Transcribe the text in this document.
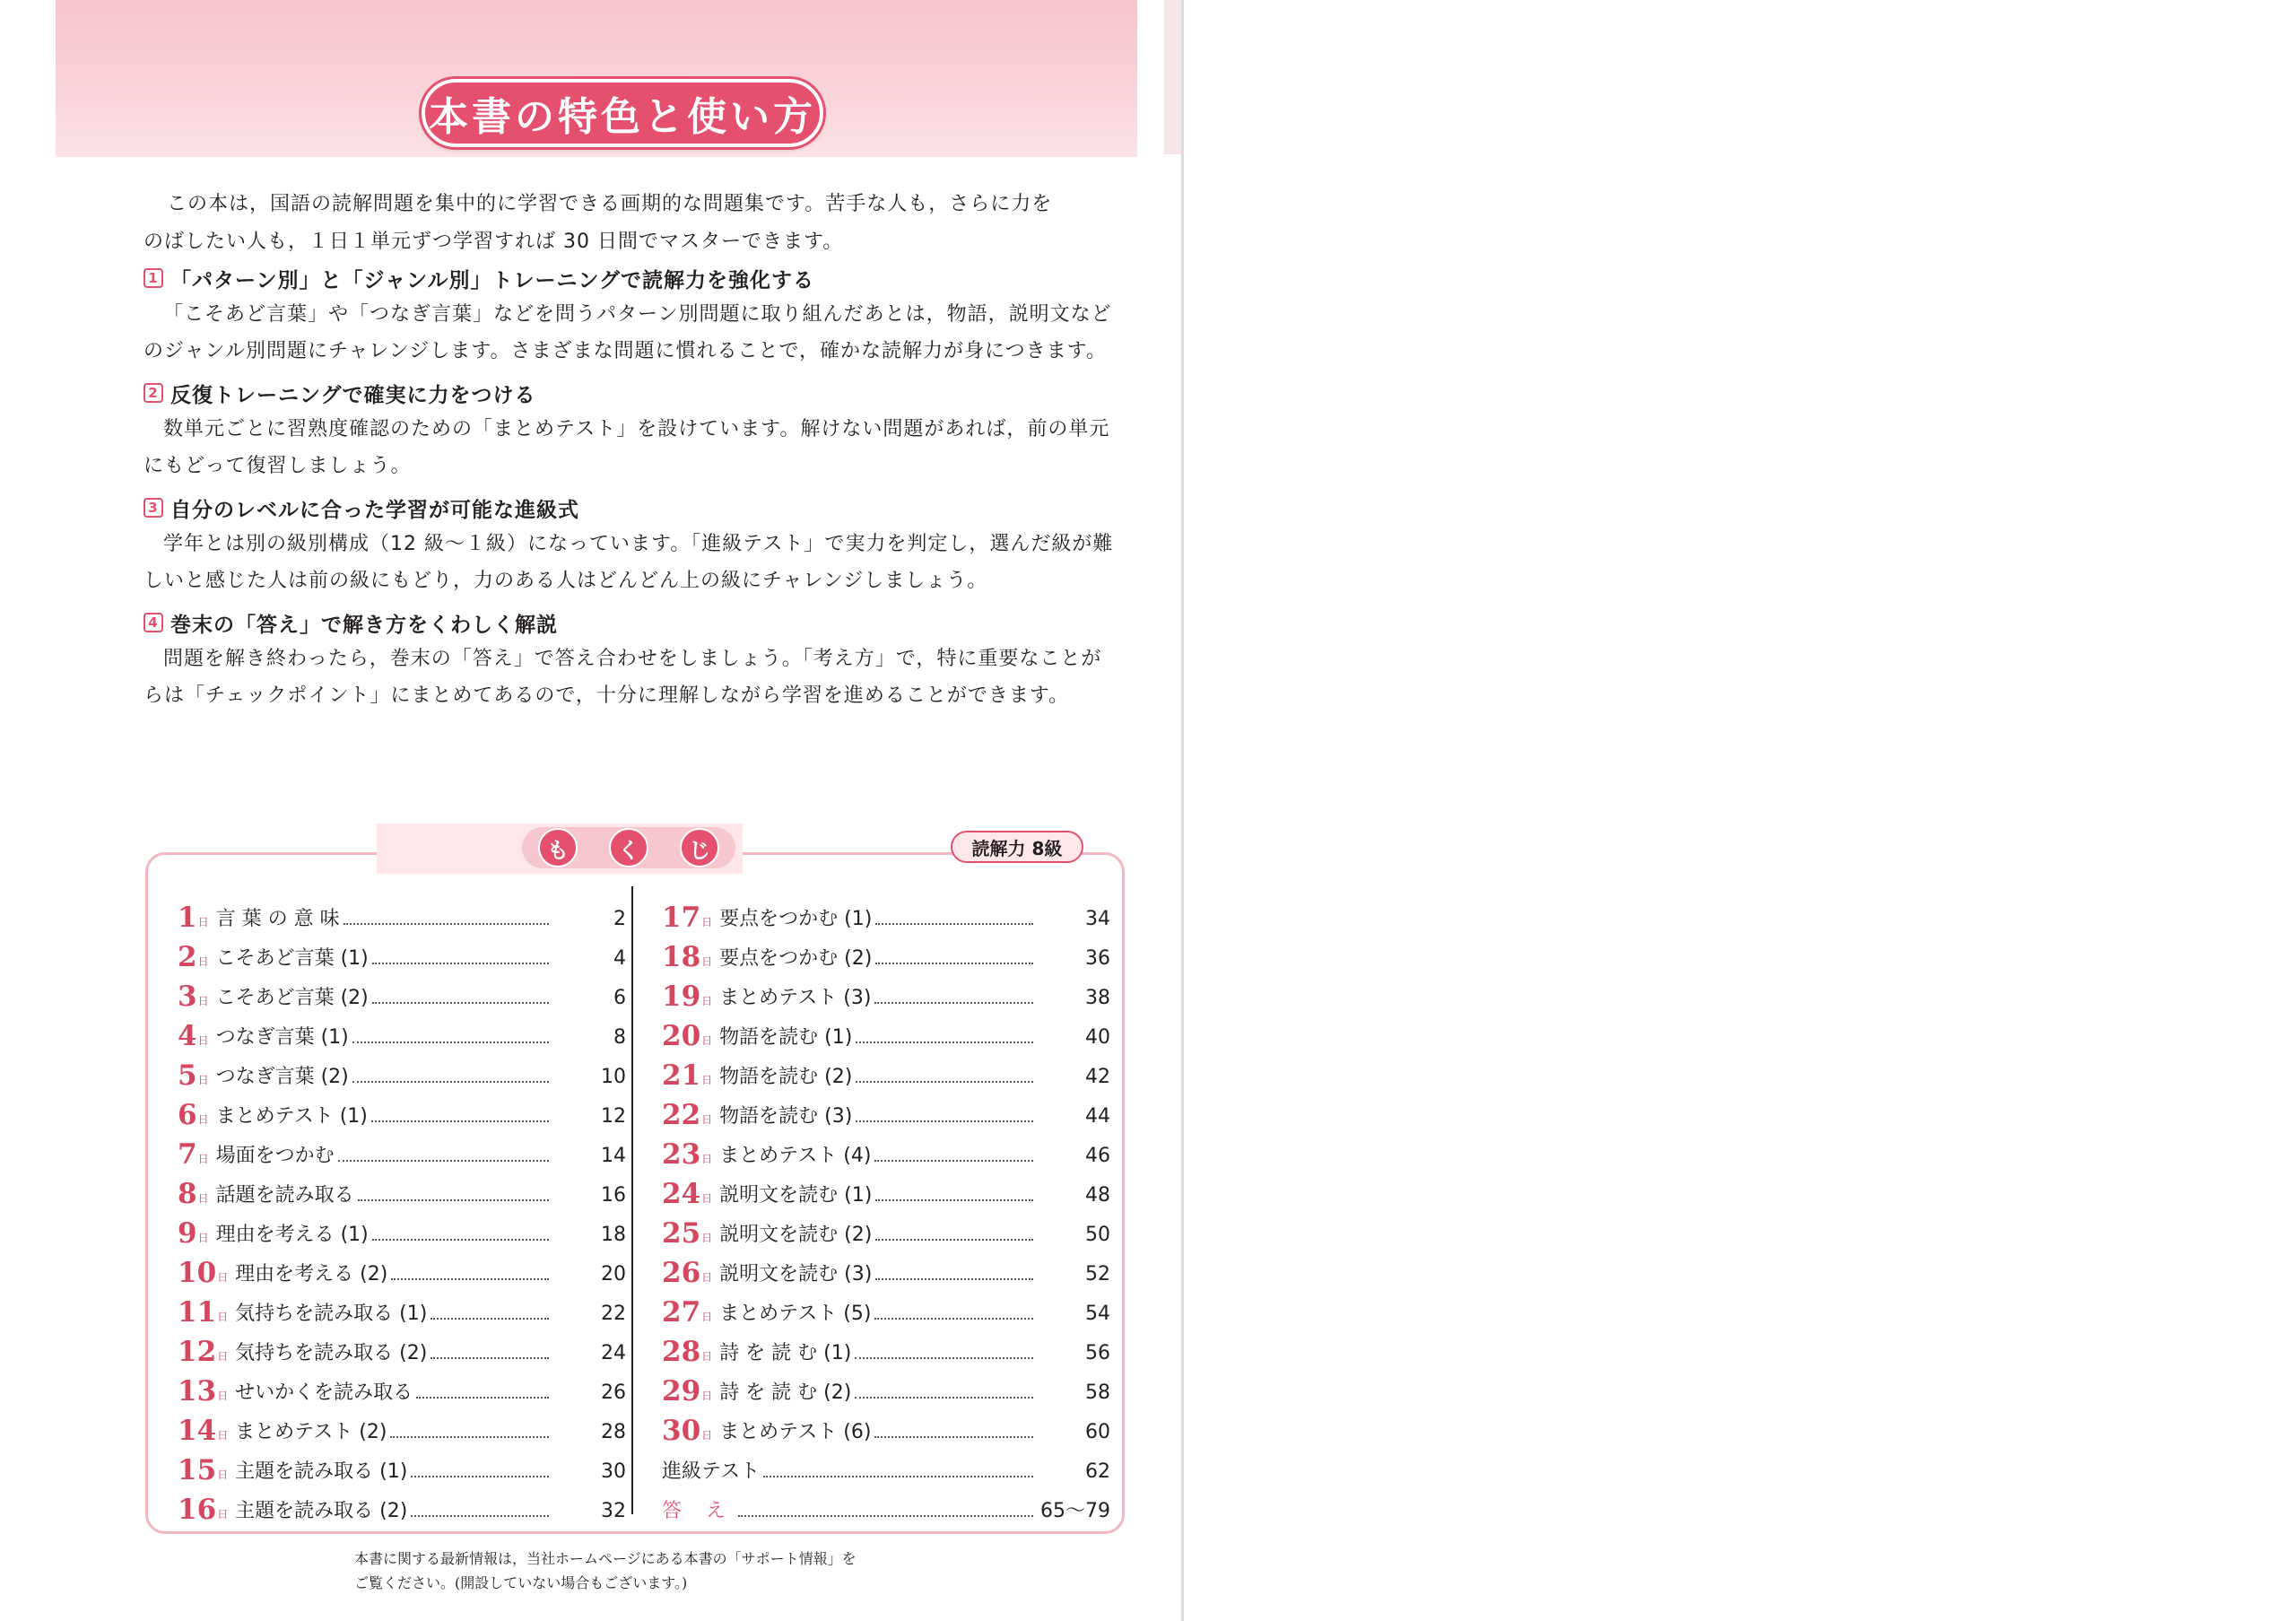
本書の特色と使い方

この本は，国語の読解問題を集中的に学習できる画期的な問題集です。苦手な人も，さらに力を

のばしたい人も，１日１単元ずつ学習すれば 30 日間でマスターできます。

1 「パターン別」と「ジャンル別」トレーニングで読解力を強化する

「こそあど言葉」や「つなぎ言葉」などを問うパターン別問題に取り組んだあとは，物語，説明文などのジャンル別問題にチャレンジします。さまざまな問題に慣れることで，確かな読解力が身につきます。

2 反復トレーニングで確実に力をつける

数単元ごとに習熟度確認のための「まとめテスト」を設けています。解けない問題があれば，前の単元にもどって復習しましょう。

3 自分のレベルに合った学習が可能な進級式

学年とは別の級別構成（12 級～１級）になっています。「進級テスト」で実力を判定し，選んだ級が難しいと感じた人は前の級にもどり，力のある人はどんどん上の級にチャレンジしましょう。

4 巻末の「答え」で解き方をくわしく解説

問題を解き終わったら，巻末の「答え」で答え合わせをしましょう。「考え方」で，特に重要なことがらは「チェックポイント」にまとめてあるので，十分に理解しながら学習を進めることができます。

も	く	じ	読解力 8級
1 日 言 葉 の 意 味	2
2 日 こそあど言葉 (1)	4
3 日 こそあど言葉 (2)	6
4 日 つなぎ言葉 (1)	8
5 日 つなぎ言葉 (2)	10
6 日 まとめテスト (1)	12
7 日 場面をつかむ	14
8 日 話題を読み取る	16
9 日 理由を考える (1)	18
10 日 理由を考える (2)	20
11 日 気持ちを読み取る (1)	22
12 日 気持ちを読み取る (2)	24
13 日 せいかくを読み取る	26
14 日 まとめテスト (2)	28
15 日 主題を読み取る (1)	30
16 日 主題を読み取る (2)	32
17 日 要点をつかむ (1)	34
18 日 要点をつかむ (2)	36
19 日 まとめテスト (3)	38
20 日 物語を読む (1)	40
21 日 物語を読む (2)	42
22 日 物語を読む (3)	44
23 日 まとめテスト (4)	46
24 日 説明文を読む (1)	48
25 日 説明文を読む (2)	50
26 日 説明文を読む (3)	52
27 日 まとめテスト (5)	54
28 日 詩 を 読 む (1)	56
29 日 詩 を 読 む (2)	58
30 日 まとめテスト (6)	60
進級テスト	62
答 え	65～79

本書に関する最新情報は，当社ホームページにある本書の「サポート情報」を

ご覧ください。(開設していない場合もございます。)
